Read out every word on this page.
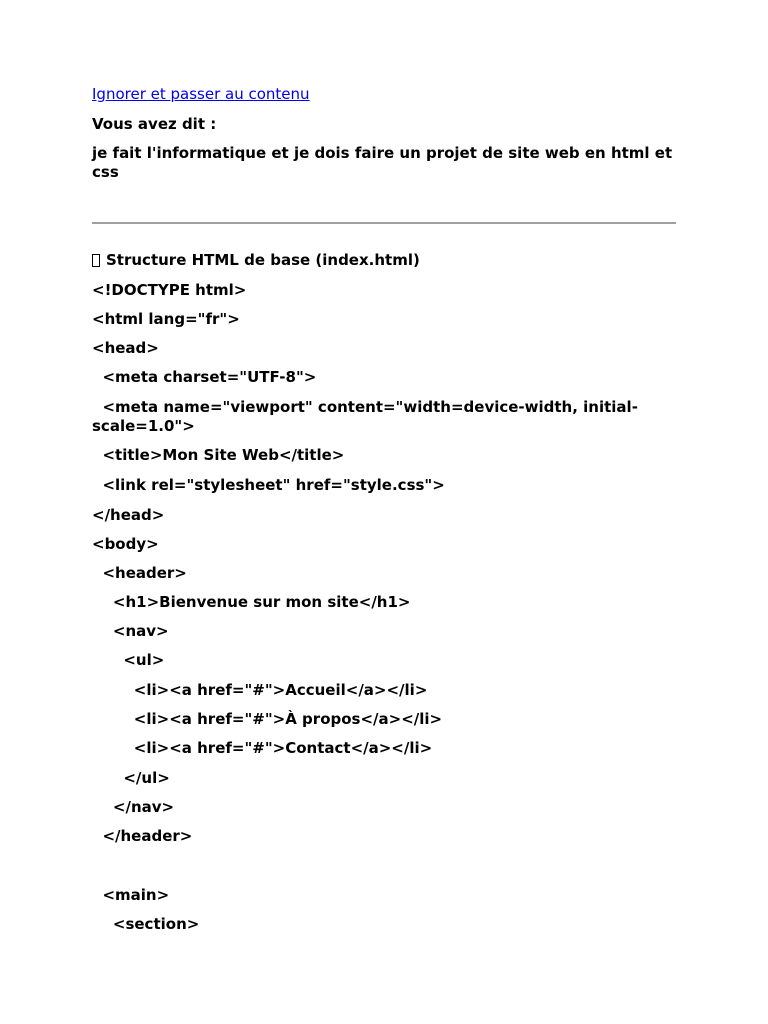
Ignorer et passer au contenu
Vous avez dit :
je fait l'informatique et je dois faire un projet de site web en html et css
Structure HTML de base (index.html)
<!DOCTYPE html>
<html lang="fr">
<head>
<meta charset="UTF-8">
<meta name="viewport" content="width=device-width, initial-scale=1.0">
<title>Mon Site Web</title>
<link rel="stylesheet" href="style.css">
</head>
<body>
<header>
<h1>Bienvenue sur mon site</h1>
<nav>
<ul>
<li><a href="#">Accueil</a></li>
<li><a href="#">À propos</a></li>
<li><a href="#">Contact</a></li>
</ul>
</nav>
</header>
<main>
<section>
